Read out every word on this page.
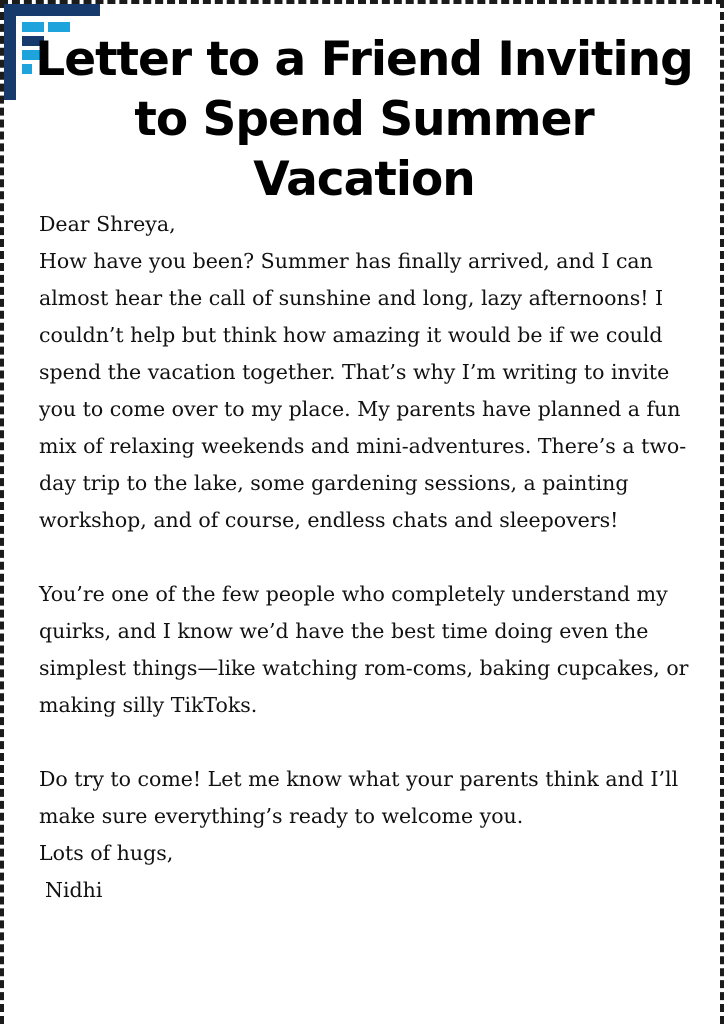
Letter to a Friend Inviting to Spend Summer Vacation

Dear Shreya,

How have you been? Summer has finally arrived, and I can almost hear the call of sunshine and long, lazy afternoons! I couldn’t help but think how amazing it would be if we could spend the vacation together. That’s why I’m writing to invite you to come over to my place. My parents have planned a fun mix of relaxing weekends and mini-adventures. There’s a two-day trip to the lake, some gardening sessions, a painting workshop, and of course, endless chats and sleepovers!

You’re one of the few people who completely understand my quirks, and I know we’d have the best time doing even the simplest things—like watching rom-coms, baking cupcakes, or making silly TikToks.

Do try to come! Let me know what your parents think and I’ll make sure everything’s ready to welcome you.

Lots of hugs,

Nidhi
